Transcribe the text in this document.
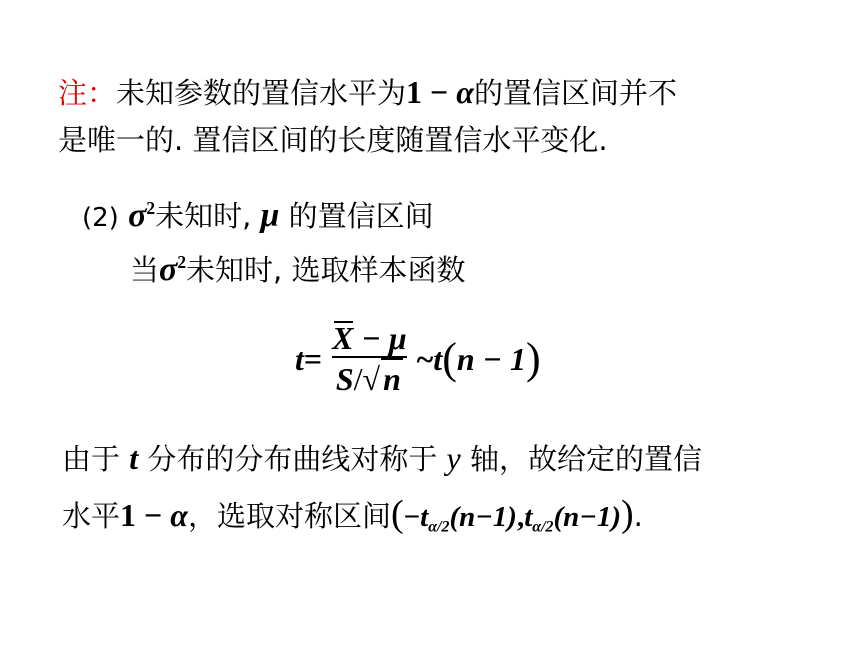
注：未知参数的置信水平为1 − α的置信区间并不
是唯一的. 置信区间的长度随置信水平变化.
(2) $\sigma^2$未知时, μ 的置信区间
当$\sigma^2$未知时, 选取样本函数
$t = \frac{X - \mu}{S/√n}$ ~ t ( n − 1 )
由于 t 分布的分布曲线对称于 y 轴，故给定的置信
水平1 − α，选取对称区间$(-t_{\alpha/2}(n-1),t_{\alpha/2}(n-1))$.
